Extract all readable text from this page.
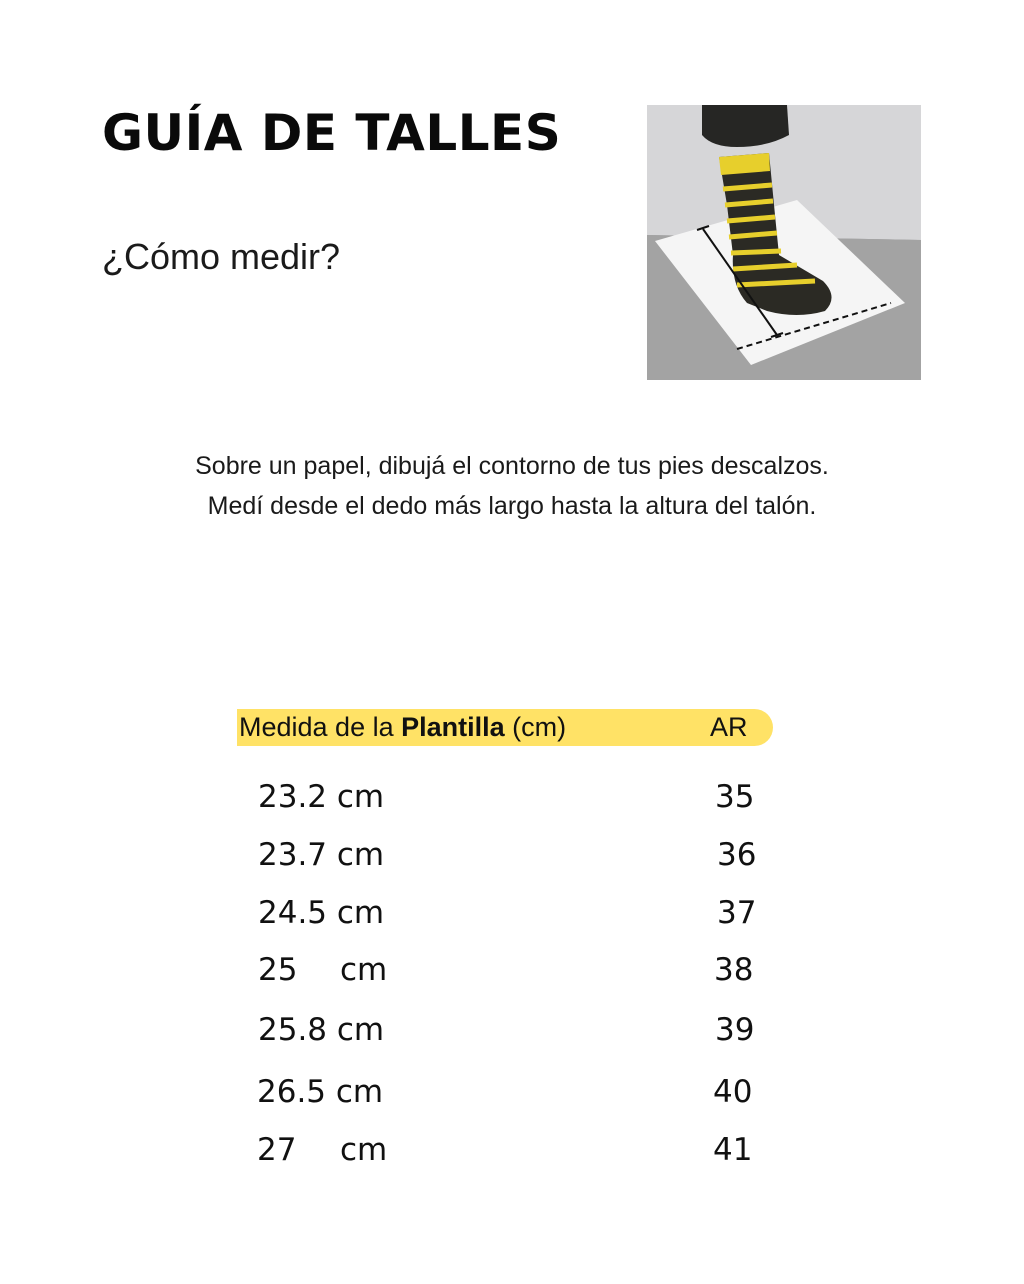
GUÍA DE TALLES

¿Cómo medir?

Sobre un papel, dibujá el contorno de tus pies descalzos.
Medí desde el dedo más largo hasta la altura del talón.
Medida de la Plantilla (cm)	AR
23.2 cm	35
23.7 cm	36
24.5 cm	37
25 cm	38
25.8 cm	39
26.5 cm	40
27 cm	41
